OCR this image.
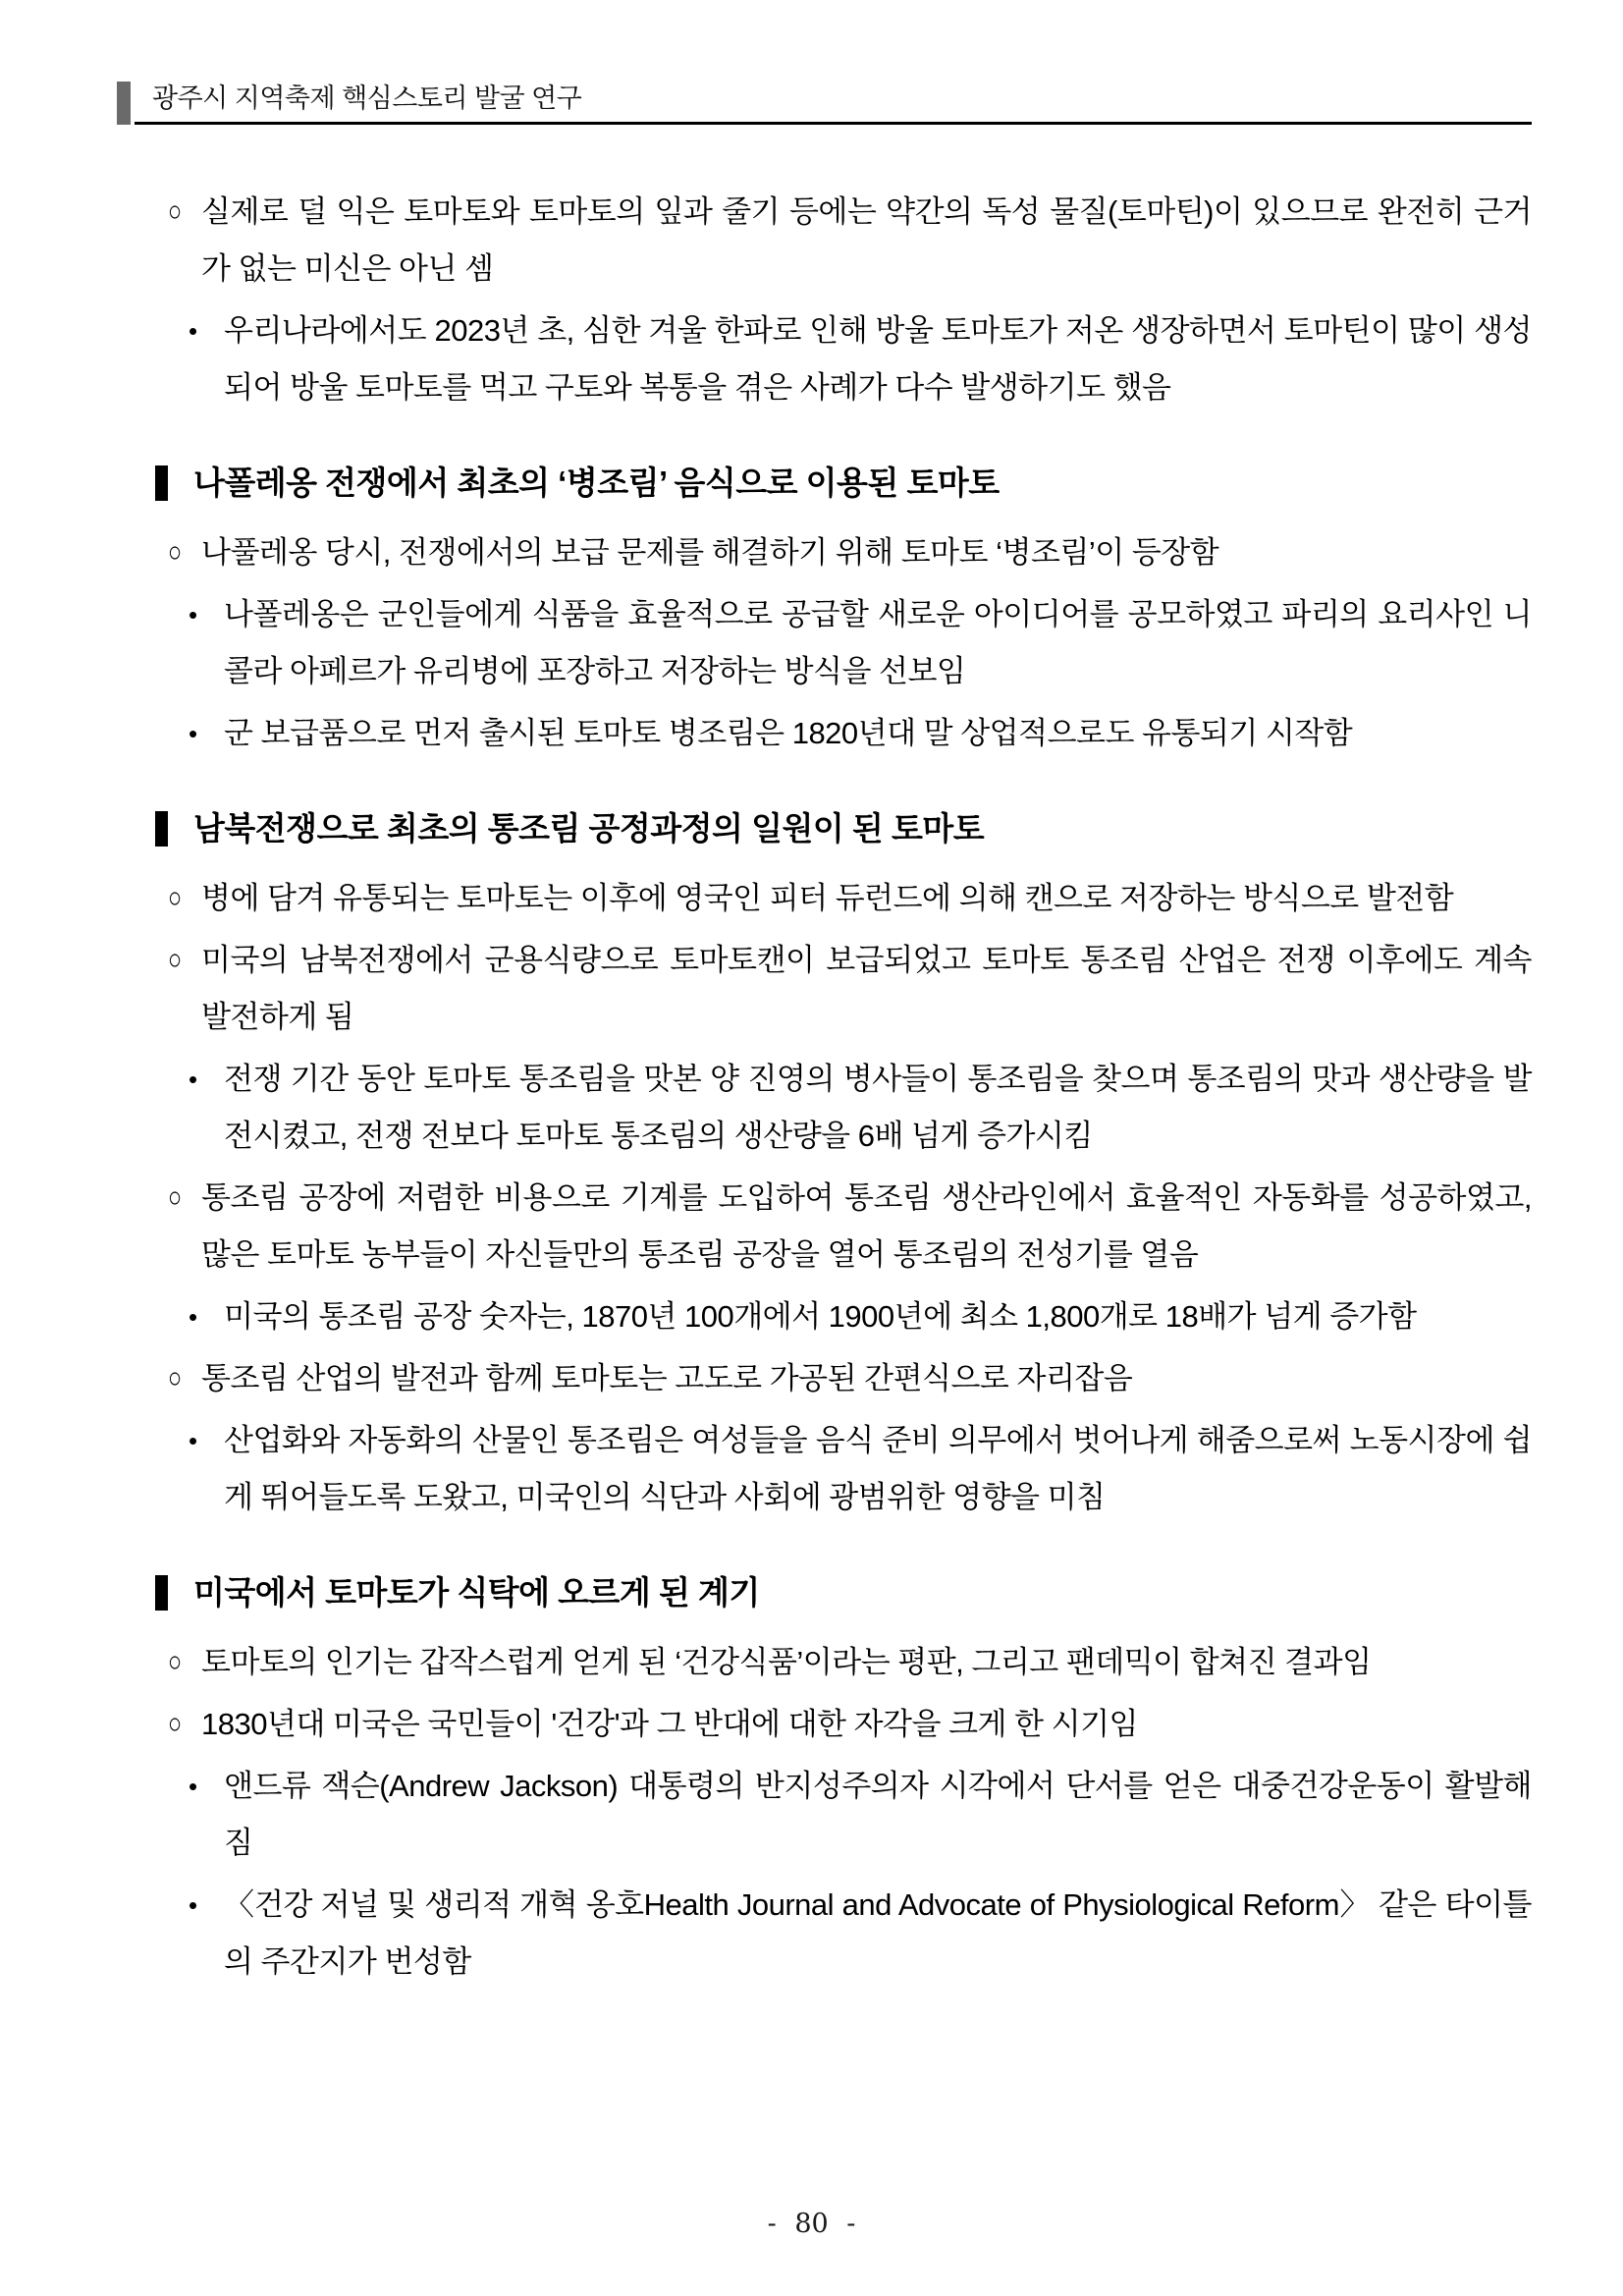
광주시 지역축제 핵심스토리 발굴 연구
○ 실제로 덜 익은 토마토와 토마토의 잎과 줄기 등에는 약간의 독성 물질(토마틴)이 있으므로 완전히 근거가 없는 미신은 아닌 셈

• 우리나라에서도 2023년 초, 심한 겨울 한파로 인해 방울 토마토가 저온 생장하면서 토마틴이 많이 생성되어 방울 토마토를 먹고 구토와 복통을 겪은 사례가 다수 발생하기도 했음

나폴레옹 전쟁에서 최초의 ‘병조림’ 음식으로 이용된 토마토
○ 나풀레옹 당시, 전쟁에서의 보급 문제를 해결하기 위해 토마토 ‘병조림’이 등장함

• 나폴레옹은 군인들에게 식품을 효율적으로 공급할 새로운 아이디어를 공모하였고 파리의 요리사인 니콜라 아페르가 유리병에 포장하고 저장하는 방식을 선보임

• 군 보급품으로 먼저 출시된 토마토 병조림은 1820년대 말 상업적으로도 유통되기 시작함

남북전쟁으로 최초의 통조림 공정과정의 일원이 된 토마토
○ 병에 담겨 유통되는 토마토는 이후에 영국인 피터 듀런드에 의해 캔으로 저장하는 방식으로 발전함

○ 미국의 남북전쟁에서 군용식량으로 토마토캔이 보급되었고 토마토 통조림 산업은 전쟁 이후에도 계속 발전하게 됨

• 전쟁 기간 동안 토마토 통조림을 맛본 양 진영의 병사들이 통조림을 찾으며 통조림의 맛과 생산량을 발전시켰고, 전쟁 전보다 토마토 통조림의 생산량을 6배 넘게 증가시킴

○ 통조림 공장에 저렴한 비용으로 기계를 도입하여 통조림 생산라인에서 효율적인 자동화를 성공하였고, 많은 토마토 농부들이 자신들만의 통조림 공장을 열어 통조림의 전성기를 열음

• 미국의 통조림 공장 숫자는, 1870년 100개에서 1900년에 최소 1,800개로 18배가 넘게 증가함

○ 통조림 산업의 발전과 함께 토마토는 고도로 가공된 간편식으로 자리잡음

• 산업화와 자동화의 산물인 통조림은 여성들을 음식 준비 의무에서 벗어나게 해줌으로써 노동시장에 쉽게 뛰어들도록 도왔고, 미국인의 식단과 사회에 광범위한 영향을 미침

미국에서 토마토가 식탁에 오르게 된 계기
○ 토마토의 인기는 갑작스럽게 얻게 된 ‘건강식품’이라는 평판, 그리고 팬데믹이 합쳐진 결과임

○ 1830년대 미국은 국민들이 '건강'과 그 반대에 대한 자각을 크게 한 시기임

• 앤드류 잭슨(Andrew Jackson) 대통령의 반지성주의자 시각에서 단서를 얻은 대중건강운동이 활발해짐

• 〈건강 저널 및 생리적 개혁 옹호Health Journal and Advocate of Physiological Reform〉 같은 타이틀의 주간지가 번성함

- 80 -
